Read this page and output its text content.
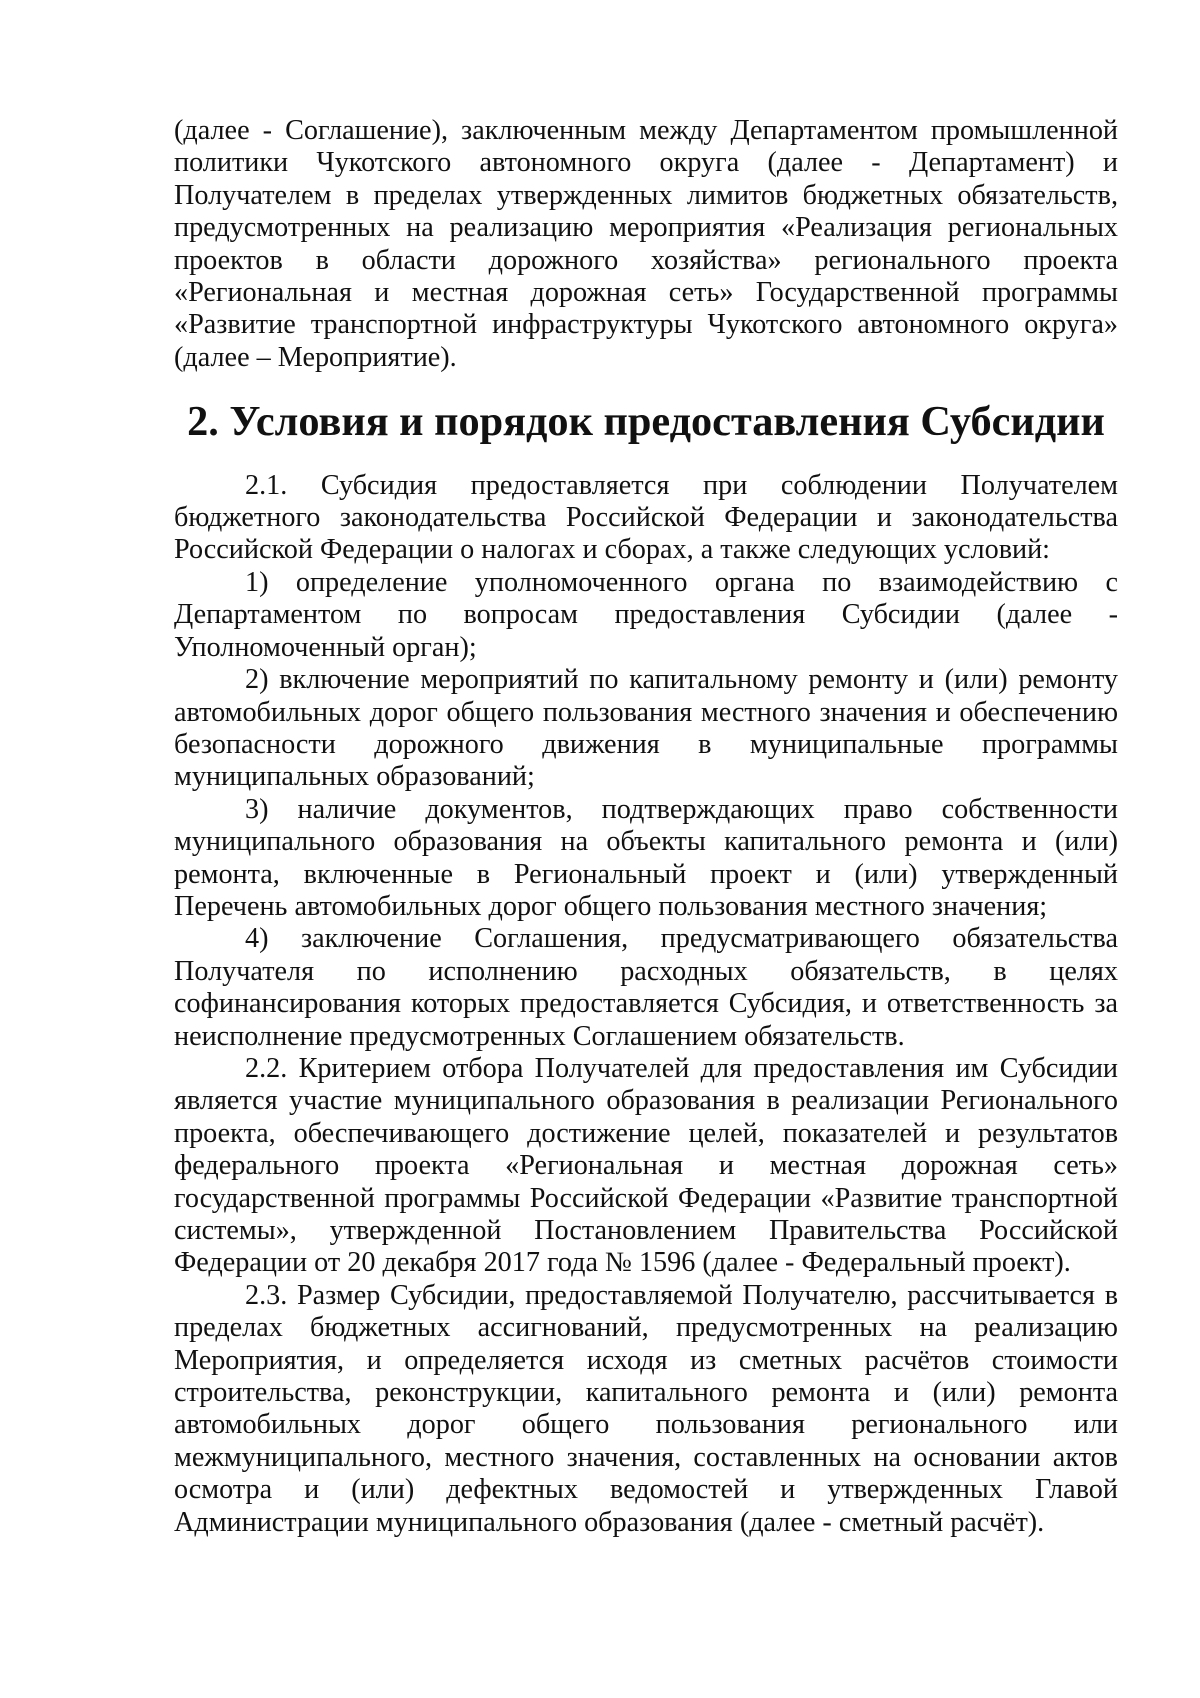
(далее - Соглашение), заключенным между Департаментом промышленной политики Чукотского автономного округа (далее - Департамент) и Получателем в пределах утвержденных лимитов бюджетных обязательств, предусмотренных на реализацию мероприятия «Реализация региональных проектов в области дорожного хозяйства» регионального проекта «Региональная и местная дорожная сеть» Государственной программы «Развитие транспортной инфраструктуры Чукотского автономного округа» (далее – Мероприятие).

2. Условия и порядок предоставления Субсидии

2.1. Субсидия предоставляется при соблюдении Получателем бюджетного законодательства Российской Федерации и законодательства Российской Федерации о налогах и сборах, а также следующих условий:

1) определение уполномоченного органа по взаимодействию с Департаментом по вопросам предоставления Субсидии (далее - Уполномоченный орган);

2) включение мероприятий по капитальному ремонту и (или) ремонту автомобильных дорог общего пользования местного значения и обеспечению безопасности дорожного движения в муниципальные программы муниципальных образований;

3) наличие документов, подтверждающих право собственности муниципального образования на объекты капитального ремонта и (или) ремонта, включенные в Региональный проект и (или) утвержденный Перечень автомобильных дорог общего пользования местного значения;

4) заключение Соглашения, предусматривающего обязательства Получателя по исполнению расходных обязательств, в целях софинансирования которых предоставляется Субсидия, и ответственность за неисполнение предусмотренных Соглашением обязательств.

2.2. Критерием отбора Получателей для предоставления им Субсидии является участие муниципального образования в реализации Регионального проекта, обеспечивающего достижение целей, показателей и результатов федерального проекта «Региональная и местная дорожная сеть» государственной программы Российской Федерации «Развитие транспортной системы», утвержденной Постановлением Правительства Российской Федерации от 20 декабря 2017 года № 1596 (далее - Федеральный проект).

2.3. Размер Субсидии, предоставляемой Получателю, рассчитывается в пределах бюджетных ассигнований, предусмотренных на реализацию Мероприятия, и определяется исходя из сметных расчётов стоимости строительства, реконструкции, капитального ремонта и (или) ремонта автомобильных дорог общего пользования регионального или межмуниципального, местного значения, составленных на основании актов осмотра и (или) дефектных ведомостей и утвержденных Главой Администрации муниципального образования (далее - сметный расчёт).
